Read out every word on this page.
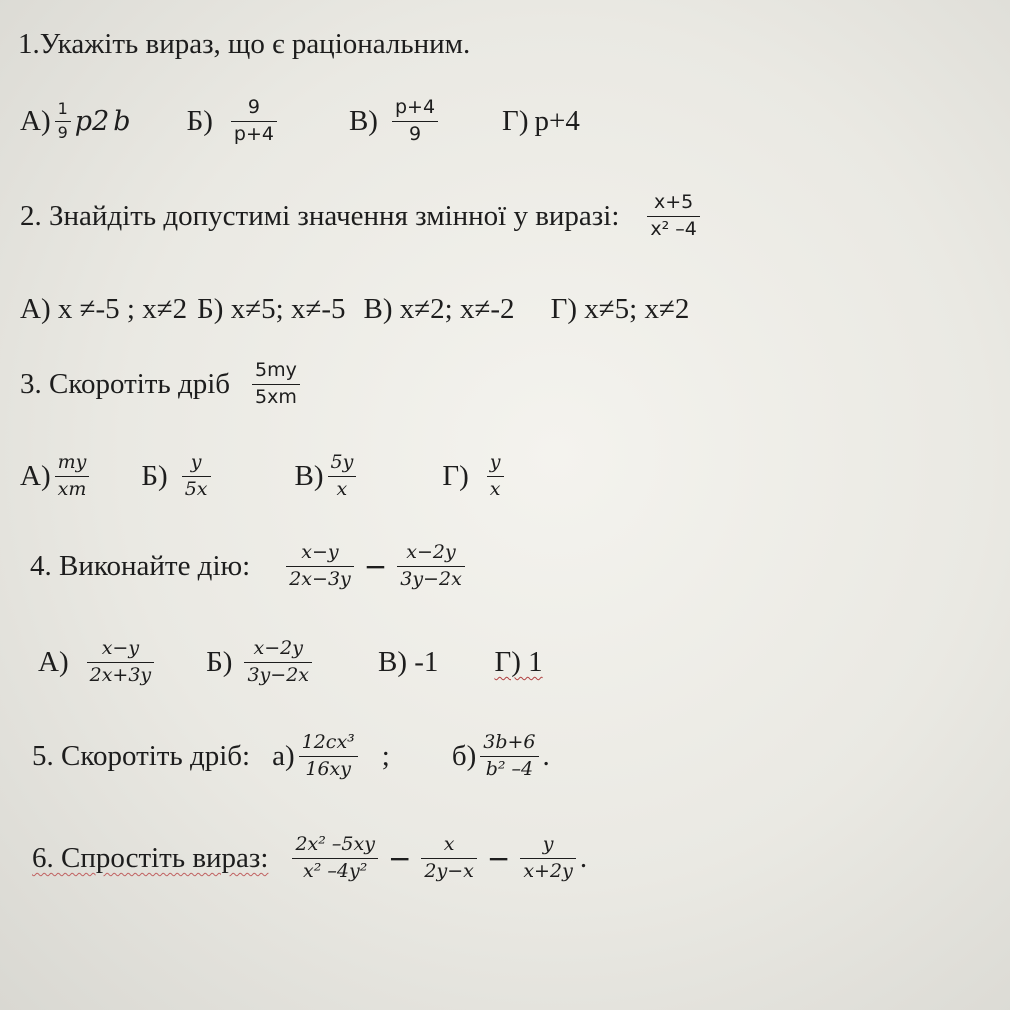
1.Укажіть вираз, що є раціональним.
$А) \frac{1}{9}$ p 2 b $Б) \frac{9}{p+4} В) \frac{p+4}{9} Г$) p+4
2. Знайдіть допустимі значення змінної у виразі: $\frac{x+5}{\text{x² –4}}$
А) x ≠-5 ; x≠2 Б) x≠5; x≠-5 В) x≠2; x≠-2 Г) x≠5; x≠2
3. Скоротіть дріб $\frac{5my}{5xm}$
$А) \frac{my}{xm} Б) \frac{y}{5x}$	$В) \frac{5y}{x}$	$Г) \frac{y}{x}$
4. Виконайте дію: $\frac{x-y}{2x-3y} - \frac{x-2y}{3y-2x}$
$А) \frac{x-y}{2x+3y} Б) \frac{x-2y}{3y-2x} В$) -1 Г) 1
5. Скоротіть дріб: $а) \frac{\text{12cx³}}{16xy}$ ; $б) \frac{3b+6}{\text{b² –4}}$ .
6. Спростіть вираз: $\frac{\text{2x² –5xy}}{\text{x² –4y²}} - \frac{x}{2y-x} - \frac{y}{x+2y}$ .
